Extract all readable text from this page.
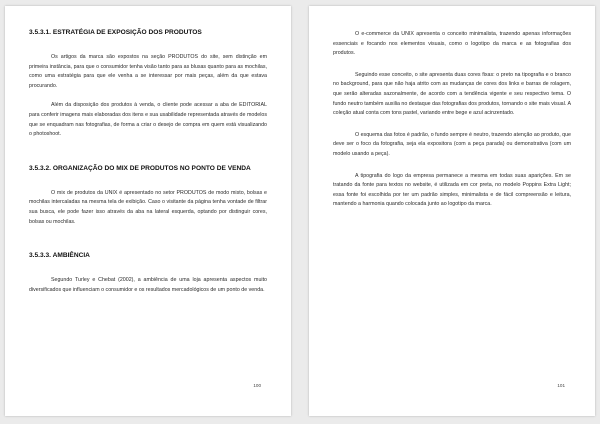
3.5.3.1. ESTRATÉGIA DE EXPOSIÇÃO DOS PRODUTOS

Os artigos da marca são expostos na seção PRODUTOS do site, sem distinção em primeira instância, para que o consumidor tenha visão tanto para as blusas quanto para as mochilas, como uma estratégia para que ele venha a se interessar por mais peças, além da que estava procurando.

Além da disposição dos produtos à venda, o cliente pode acessar a aba de EDITORIAL para conferir imagens mais elaboradas dos itens e sua usabilidade representada através de modelos que se enquadram nas fotografias, de forma a criar o desejo de compra em quem está visualizando o photoshoot.

3.5.3.2. ORGANIZAÇÃO DO MIX DE PRODUTOS NO PONTO DE VENDA

O mix de produtos da UNIX é apresentado no setor PRODUTOS de modo misto, bolsas e mochilas intercaladas na mesma tela de exibição. Caso o visitante da página tenha vontade de filtrar sua busca, ele pode fazer isso através da aba na lateral esquerda, optando por distinguir cores, bolsas ou mochilas.

3.5.3.3. AMBIÊNCIA

Segundo Turley e Chebat (2002), a ambiência de uma loja apresenta aspectos muito diversificados que influenciam o consumidor e os resultados mercadológicos de um ponto de venda.

100

O e-commerce da UNIX apresenta o conceito minimalista, trazendo apenas informações essenciais e focando nos elementos visuais, como o logotipo da marca e as fotografias dos produtos.

Seguindo esse conceito, o site apresenta duas cores fixas: o preto na tipografia e o branco no background, para que não haja atrito com as mudanças de cores dos links e barras de rolagem, que serão alteradas sazonalmente, de acordo com a tendência vigente e seu respectivo tema. O fundo neutro também auxilia no destaque das fotografias dos produtos, tornando o site mais visual. A coleção atual conta com tons pastel, variando entre bege e azul acinzentado.

O esquema das fotos é padrão, o fundo sempre é neutro, trazendo atenção ao produto, que deve ser o foco da fotografia, seja ela expositora (com a peça parada) ou demonstrativa (com um modelo usando a peça).

A tipografia do logo da empresa permanece a mesma em todas suas aparições. Em se tratando da fonte para textos no website, é utilizada em cor preta, no modelo Poppins Extra Light; essa fonte foi escolhida por ter um padrão simples, minimalista e de fácil compreensão e leitura, mantendo a harmonia quando colocada junto ao logotipo da marca.

101
